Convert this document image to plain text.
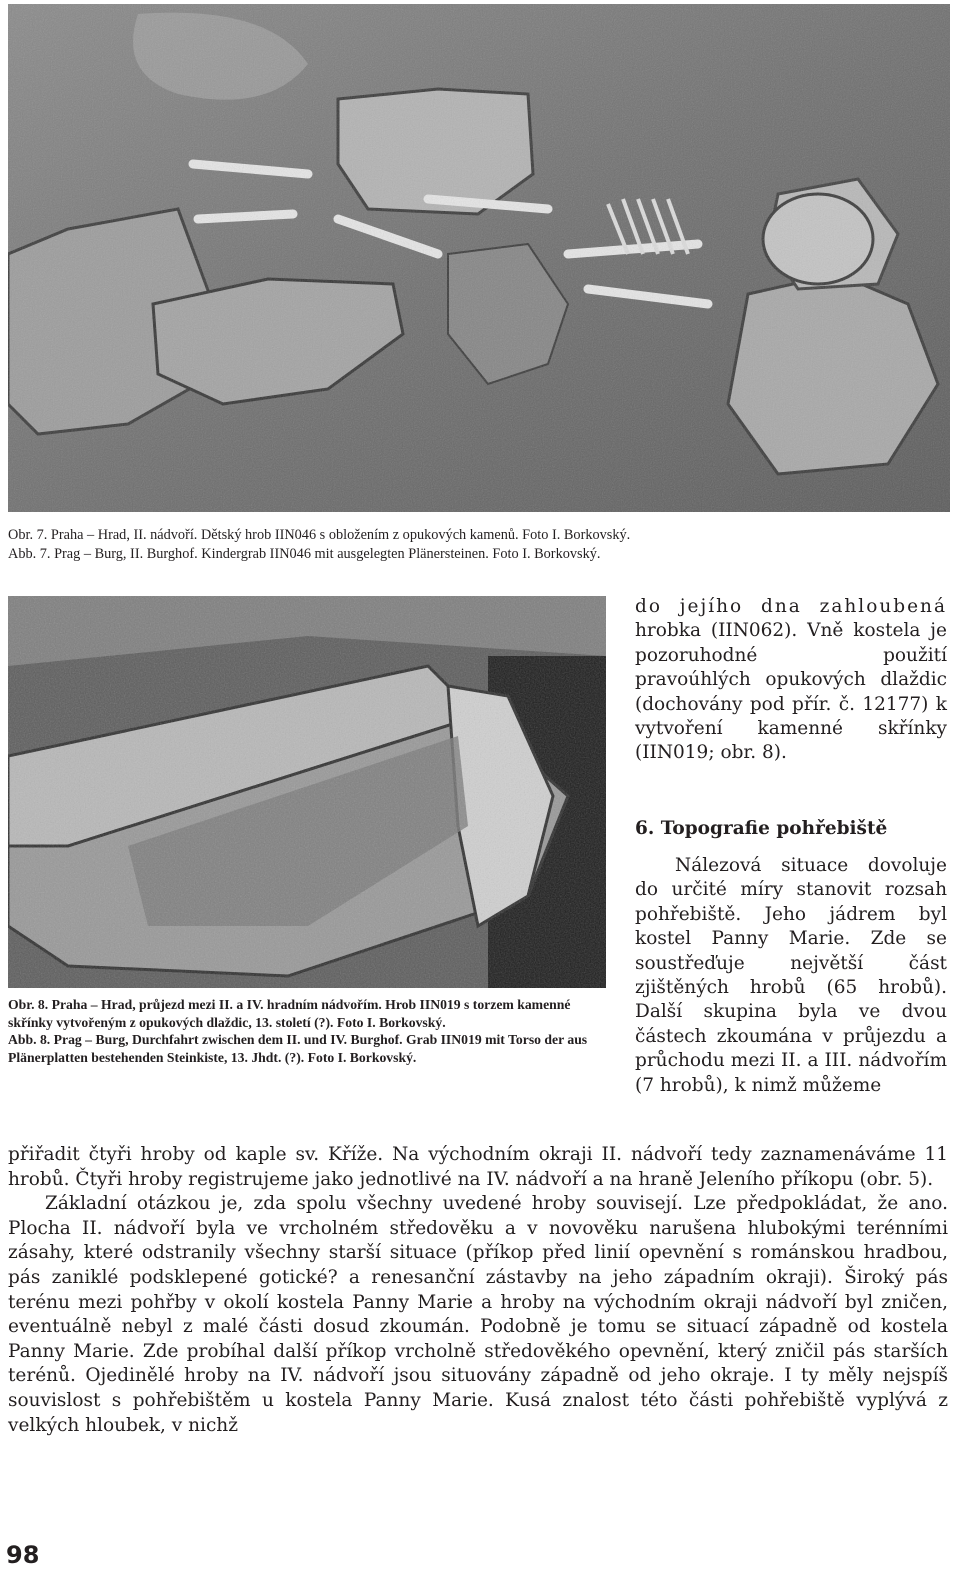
Obr. 7. Praha – Hrad, II. nádvoří. Dětský hrob IIN046 s obložením z opukových kamenů. Foto I. Borkovský.

Abb. 7. Prag – Burg, II. Burghof. Kindergrab IIN046 mit ausgelegten Plänersteinen. Foto I. Borkovský.

Obr. 8. Praha – Hrad, průjezd mezi II. a IV. hradním nádvořím. Hrob IIN019 s torzem kamenné skřínky vytvořeným z opukových dlaždic, 13. století (?). Foto I. Borkovský.

Abb. 8. Prag – Burg, Durchfahrt zwischen dem II. und IV. Burghof. Grab IIN019 mit Torso der aus Plänerplatten bestehenden Steinkiste, 13. Jhdt. (?). Foto I. Borkovský.

do jejího dna zahloubená hrobka (IIN062). Vně kostela je pozoruhodné použití pravoúhlých opukových dlaždic (dochovány pod přír. č. 12177) k vytvoření kamenné skřínky (IIN019; obr. 8).

6. Topografie pohřebiště

Nálezová situace dovoluje do určité míry stanovit rozsah pohřebiště. Jeho jádrem byl kostel Panny Marie. Zde se soustřeďuje největší část zjištěných hrobů (65 hrobů). Další skupina byla ve dvou částech zkoumána v průjezdu a průchodu mezi II. a III. nádvořím (7 hrobů), k nimž můžeme

přiřadit čtyři hroby od kaple sv. Kříže. Na východním okraji II. nádvoří tedy zaznamenáváme 11 hrobů. Čtyři hroby registrujeme jako jednotlivé na IV. nádvoří a na hraně Jeleního příkopu (obr. 5).

Základní otázkou je, zda spolu všechny uvedené hroby souvisejí. Lze předpokládat, že ano. Plocha II. nádvoří byla ve vrcholném středověku a v novověku narušena hlubokými terénními zásahy, které odstranily všechny starší situace (příkop před linií opevnění s románskou hradbou, pás zaniklé podsklepené gotické? a renesanční zástavby na jeho západním okraji). Široký pás terénu mezi pohřby v okolí kostela Panny Marie a hroby na východním okraji nádvoří byl zničen, eventuálně nebyl z malé části dosud zkoumán. Podobně je tomu se situací západně od kostela Panny Marie. Zde probíhal další příkop vrcholně středověkého opevnění, který zničil pás starších terénů. Ojedinělé hroby na IV. nádvoří jsou situovány západně od jeho okraje. I ty měly nejspíš souvislost s pohřebištěm u kostela Panny Marie. Kusá znalost této části pohřebiště vyplývá z velkých hloubek, v nichž

98
